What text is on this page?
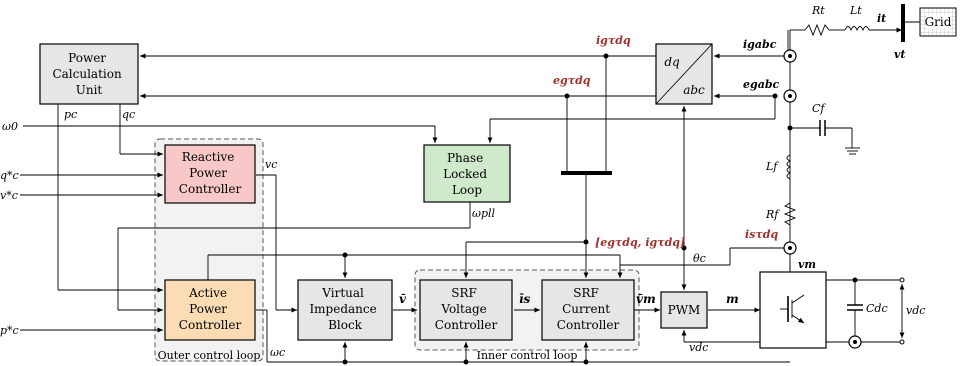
Outer control loop	Inner control loop
Power Calculation Unit
Reactive Power Controller
Active Power Controller
Phase Locked Loop
Virtual Impedance Block
SRF Voltage Controller
SRF Current Controller
PWM
Grid
dq
abc
ω0
q*c
v*c
p*c
pc	qc
vc
ωc
ωpll
v̄	īs	v̄m	m
vdc
θc
igτdq
egτdq
isτdq
[egτdq, igτdq]
igabc
egabc
Rt Lt
it
vt
Cf
Lf
Rf
vm
Cdc vdc
